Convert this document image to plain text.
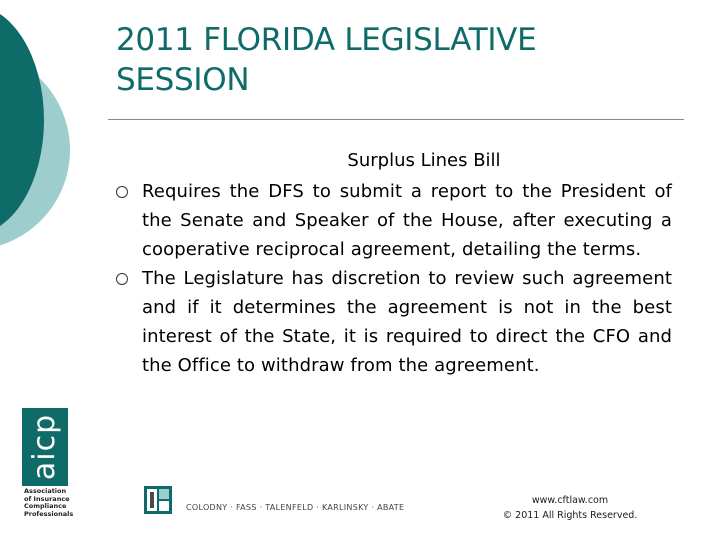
2011 FLORIDA LEGISLATIVE SESSION
Surplus Lines Bill
Requires the DFS to submit a report to the President of the Senate and Speaker of the House, after executing a cooperative reciprocal agreement, detailing the terms.
The Legislature has discretion to review such agreement and if it determines the agreement is not in the best interest of the State, it is required to direct the CFO and the Office to withdraw from the agreement.
aicp
Association
of Insurance
Compliance
Professionals
COLODNY · FASS · TALENFELD · KARLINSKY · ABATE
www.cftlaw.com
© 2011 All Rights Reserved.
